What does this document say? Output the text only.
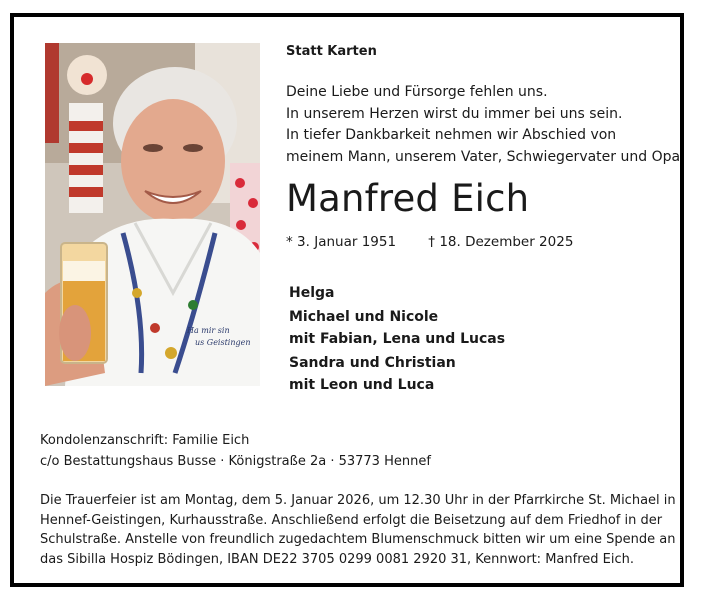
Ha mir sin
us Geistingen
Statt Karten
Deine Liebe und Fürsorge fehlen uns.
In unserem Herzen wirst du immer bei uns sein.
In tiefer Dankbarkeit nehmen wir Abschied von
meinem Mann, unserem Vater, Schwiegervater und Opa
Manfred Eich
* 3. Januar 1951 † 18. Dezember 2025
Helga
Michael und Nicole
mit Fabian, Lena und Lucas
Sandra und Christian
mit Leon und Luca
Kondolenzanschrift: Familie Eich
c/o Bestattungshaus Busse · Königstraße 2a · 53773 Hennef
Die Trauerfeier ist am Montag, dem 5. Januar 2026, um 12.30 Uhr in der Pfarrkirche St. Michael in
Hennef-Geistingen, Kurhausstraße. Anschließend erfolgt die Beisetzung auf dem Friedhof in der
Schulstraße. Anstelle von freundlich zugedachtem Blumenschmuck bitten wir um eine Spende an
das Sibilla Hospiz Bödingen, IBAN DE22 3705 0299 0081 2920 31, Kennwort: Manfred Eich.
